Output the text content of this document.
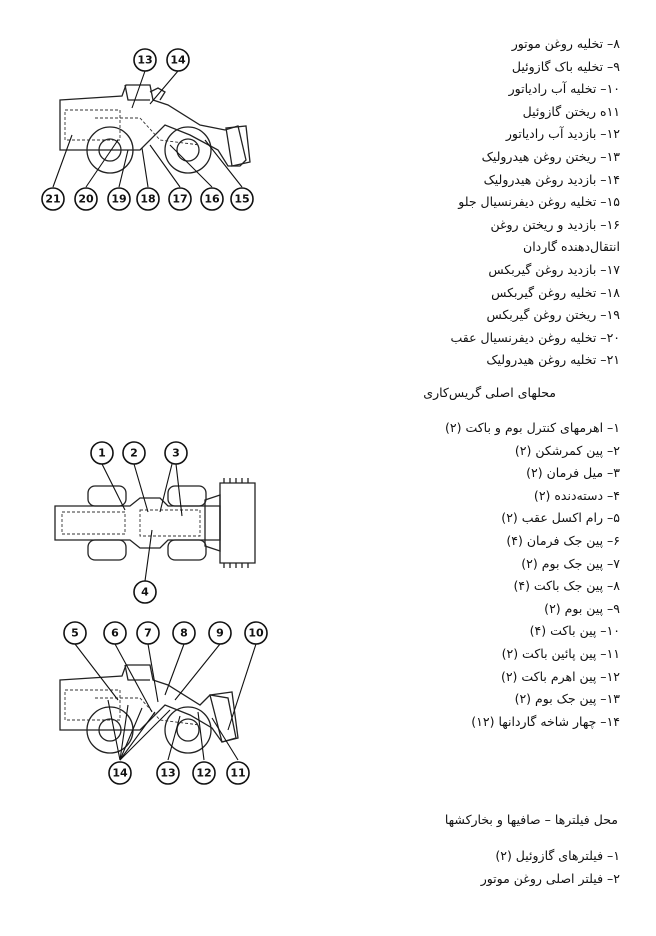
۸– تخلیه روغن موتور
۹– تخلیه باک گازوئیل
۱۰– تخلیه آب رادیاتور
۱۱ه ریختن گازوئیل
۱۲– بازدید آب رادیاتور
۱۳– ریختن روغن هیدرولیک
۱۴– بازدید روغن هیدرولیک
۱۵– تخلیه روغن دیفرنسیال جلو
۱۶– بازدید و ریختن روغن
انتقال‌دهنده گاردان
۱۷– بازدید روغن گیربکس
۱۸– تخلیه روغن گیربکس
۱۹– ریختن روغن گیربکس
۲۰– تخلیه روغن دیفرنسیال عقب
۲۱– تخلیه روغن هیدرولیک
محلهای اصلی گریس‌کاری
۱– اهرمهای کنترل بوم و باکت (۲)
۲– پین کمرشکن (۲)
۳– میل فرمان (۲)
۴– دسته‌دنده (۲)
۵– رام اکسل عقب (۲)
۶– پین جک فرمان (۴)
۷– پین جک بوم (۲)
۸– پین جک باکت (۴)
۹– پین بوم (۲)
۱۰– پین باکت (۴)
۱۱– پین پائین باکت (۲)
۱۲– پین اهرم باکت (۲)
۱۳– پین جک بوم (۲)
۱۴– چهار شاخه گاردانها (۱۲)
محل فیلترها – صافیها و بخارکشها
۱– فیلترهای گازوئیل (۲)
۲– فیلتر اصلی روغن موتور
13 14
21 20 19 18 17 16 15
1 2	3
4
5	6 7	8	9 10
14	13 12 11
